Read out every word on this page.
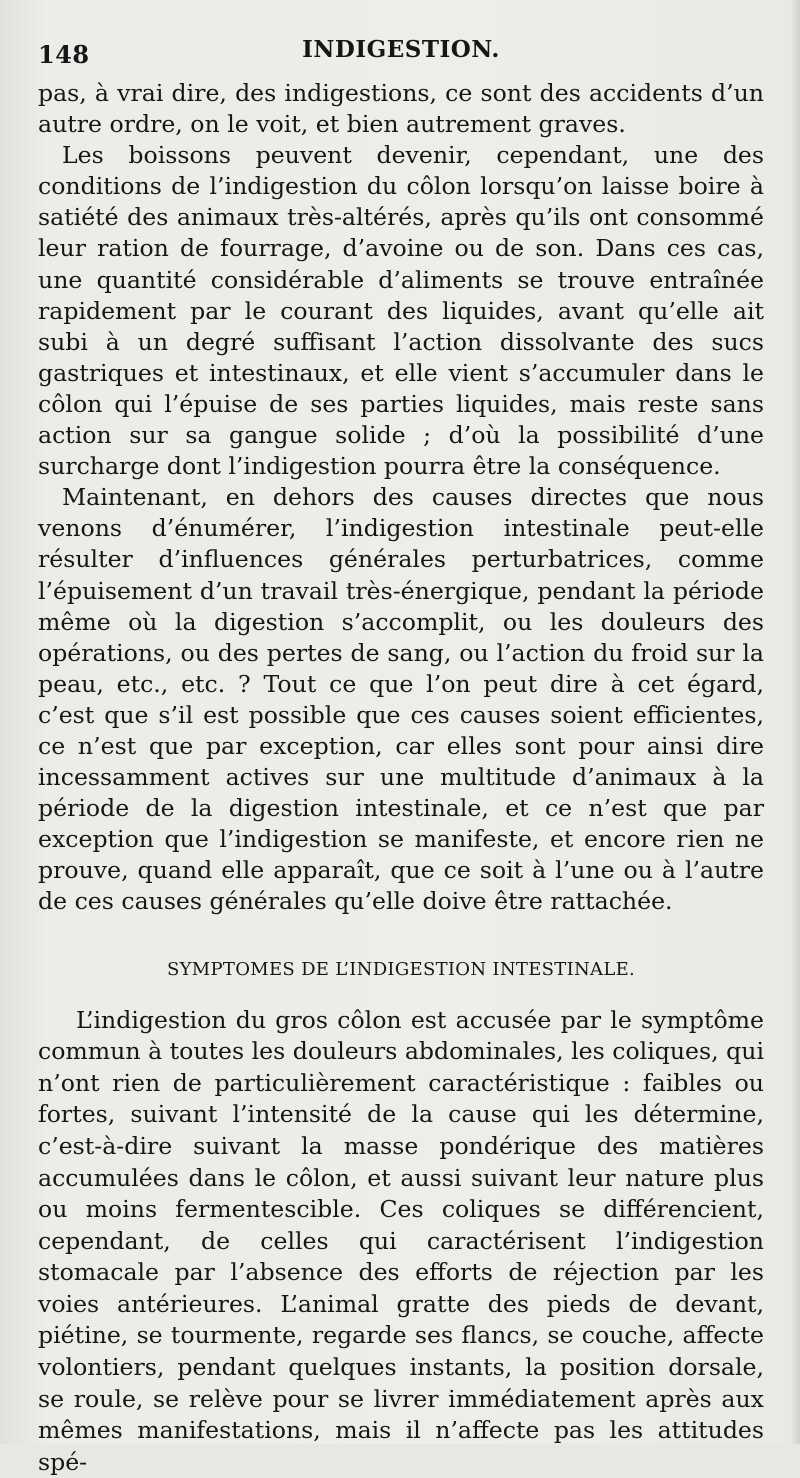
148	INDIGESTION.

pas, à vrai dire, des indigestions, ce sont des accidents d’un autre ordre, on le voit, et bien autrement graves.

Les boissons peuvent devenir, cependant, une des conditions de l’indigestion du côlon lorsqu’on laisse boire à satiété des animaux très-altérés, après qu’ils ont consommé leur ration de fourrage, d’avoine ou de son. Dans ces cas, une quantité considérable d’aliments se trouve entraînée rapidement par le courant des liquides, avant qu’elle ait subi à un degré suffisant l’action dissolvante des sucs gastriques et intestinaux, et elle vient s’accumuler dans le côlon qui l’épuise de ses parties liquides, mais reste sans action sur sa gangue solide ; d’où la possibilité d’une surcharge dont l’indigestion pourra être la conséquence.

Maintenant, en dehors des causes directes que nous venons d’énumérer, l’indigestion intestinale peut-elle résulter d’influences générales perturbatrices, comme l’épuisement d’un travail très-énergique, pendant la période même où la digestion s’accomplit, ou les douleurs des opérations, ou des pertes de sang, ou l’action du froid sur la peau, etc., etc. ? Tout ce que l’on peut dire à cet égard, c’est que s’il est possible que ces causes soient efficientes, ce n’est que par exception, car elles sont pour ainsi dire incessamment actives sur une multitude d’animaux à la période de la digestion intestinale, et ce n’est que par exception que l’indigestion se manifeste, et encore rien ne prouve, quand elle apparaît, que ce soit à l’une ou à l’autre de ces causes générales qu’elle doive être rattachée.

SYMPTOMES DE L’INDIGESTION INTESTINALE.

L’indigestion du gros côlon est accusée par le symptôme commun à toutes les douleurs abdominales, les coliques, qui n’ont rien de particulièrement caractéristique : faibles ou fortes, suivant l’intensité de la cause qui les détermine, c’est-à-dire suivant la masse pondérique des matières accumulées dans le côlon, et aussi suivant leur nature plus ou moins fermentescible. Ces coliques se différencient, cependant, de celles qui caractérisent l’indigestion stomacale par l’absence des efforts de réjection par les voies antérieures. L’animal gratte des pieds de devant, piétine, se tourmente, regarde ses flancs, se couche, affecte volontiers, pendant quelques instants, la position dorsale, se roule, se relève pour se livrer immédiatement après aux mêmes manifestations, mais il n’affecte pas les attitudes spé-
